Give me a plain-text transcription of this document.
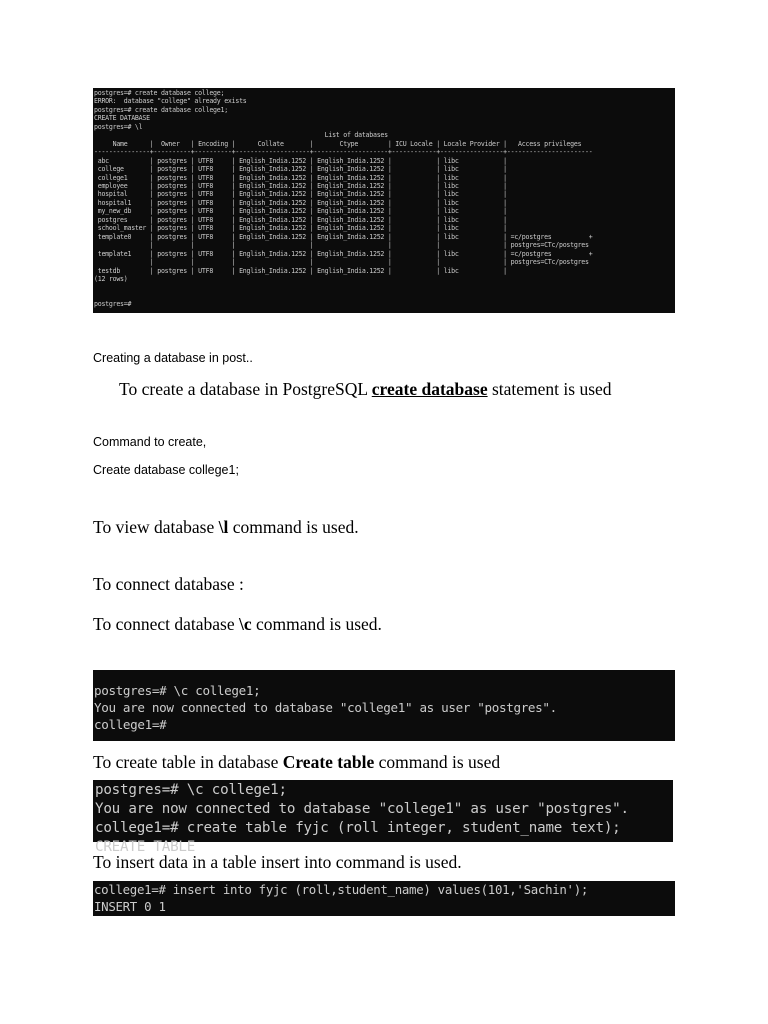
postgres=# create database college;
ERROR:  database "college" already exists
postgres=# create database college1;
CREATE DATABASE
postgres=# \l
List of databases
Name      |  Owner   | Encoding |      Collate       |       Ctype        | ICU Locale | Locale Provider |   Access privileges
---------------+----------+----------+--------------------+--------------------+------------+-----------------+-----------------------
abc           | postgres | UTF8     | English_India.1252 | English_India.1252 |            | libc            |
college       | postgres | UTF8     | English_India.1252 | English_India.1252 |            | libc            |
college1      | postgres | UTF8     | English_India.1252 | English_India.1252 |            | libc            |
employee      | postgres | UTF8     | English_India.1252 | English_India.1252 |            | libc            |
hospital      | postgres | UTF8     | English_India.1252 | English_India.1252 |            | libc            |
hospital1     | postgres | UTF8     | English_India.1252 | English_India.1252 |            | libc            |
my_new_db     | postgres | UTF8     | English_India.1252 | English_India.1252 |            | libc            |
postgres      | postgres | UTF8     | English_India.1252 | English_India.1252 |            | libc            |
school_master | postgres | UTF8     | English_India.1252 | English_India.1252 |            | libc            |
template0     | postgres | UTF8     | English_India.1252 | English_India.1252 |            | libc            | =c/postgres          +
|          |          |                    |                    |            |                 | postgres=CTc/postgres
template1     | postgres | UTF8     | English_India.1252 | English_India.1252 |            | libc            | =c/postgres          +
|          |          |                    |                    |            |                 | postgres=CTc/postgres
testdb        | postgres | UTF8     | English_India.1252 | English_India.1252 |            | libc            |
(12 rows)

postgres=#
Creating a database in post..
To create a database in PostgreSQL create database statement is used
Command to create,
Create database college1;
To view database \l command is used.
To connect database :
To connect database \c command is used.
postgres=# \c college1;
You are now connected to database "college1" as user "postgres".
college1=#
To create table in database Create table command is used
postgres=# \c college1;
You are now connected to database "college1" as user "postgres".
college1=# create table fyjc (roll integer, student_name text);
CREATE TABLE
To insert data in a table insert into command is used.
college1=# insert into fyjc (roll,student_name) values(101,'Sachin');
INSERT 0 1
